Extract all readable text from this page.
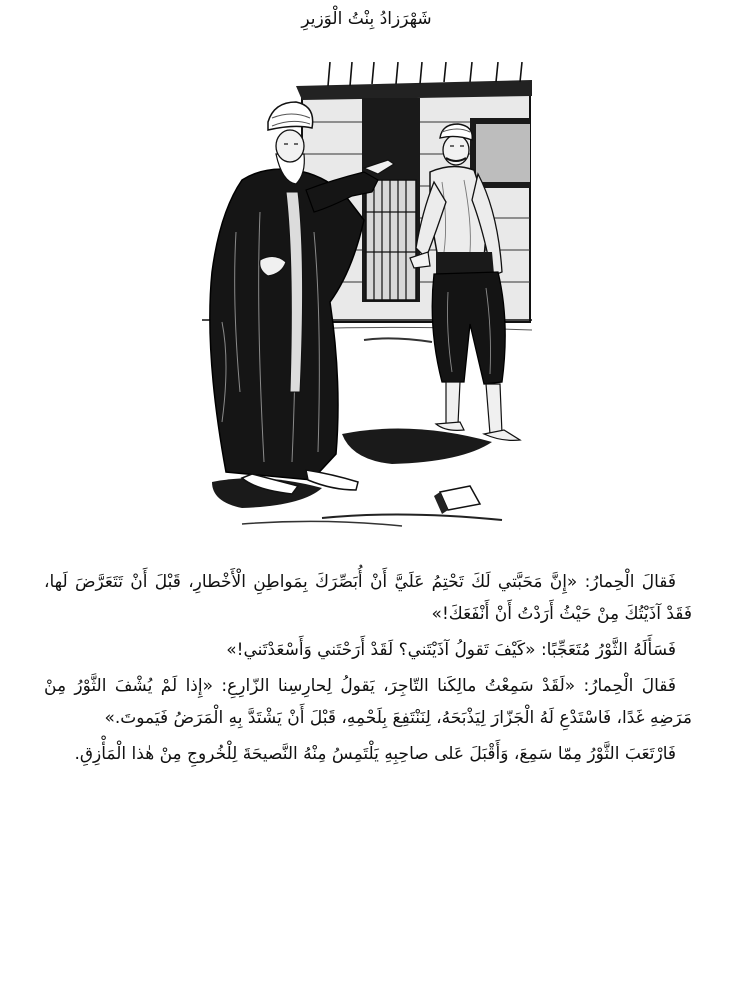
شَهْرَزادُ بِنْتُ الْوَزيرِ

فَقالَ الْحِمارُ: «إِنَّ مَحَبَّتي لَكَ تَحْتِمُ عَلَيَّ أَنْ أُبَصِّرَكَ بِمَواطِنِ الْأَخْطارِ، قَبْلَ أَنْ تَتَعَرَّضَ لَها، فَقَدْ آذَيْتُكَ مِنْ حَيْثُ أَرَدْتُ أَنْ أَنْفَعَكَ!»

فَسَأَلَهُ الثَّوْرُ مُتَعَجِّبًا: «كَيْفَ تَقولُ آذَيْتَني؟ لَقَدْ أَرَحْتَني وَأَسْعَدْتَني!»

فَقالَ الْحِمارُ: «لَقَدْ سَمِعْتُ مالِكَنا التّاجِرَ، يَقولُ لِحارِسِنا الزّارِعِ: «إِذا لَمْ يُشْفَ الثَّوْرُ مِنْ مَرَضِهِ غَدًا، فَاسْتَدْعِ لَهُ الْجَزّارَ لِيَذْبَحَهُ، لِنَنْتَفِعَ بِلَحْمِهِ، قَبْلَ أَنْ يَشْتَدَّ بِهِ الْمَرَضُ فَيَموتَ.»

فَارْتَعَبَ الثَّوْرُ مِمّا سَمِعَ، وَأَقْبَلَ عَلى صاحِبِهِ يَلْتَمِسُ مِنْهُ النَّصيحَةَ لِلْخُروجِ مِنْ هٰذا الْمَأْزِقِ.
